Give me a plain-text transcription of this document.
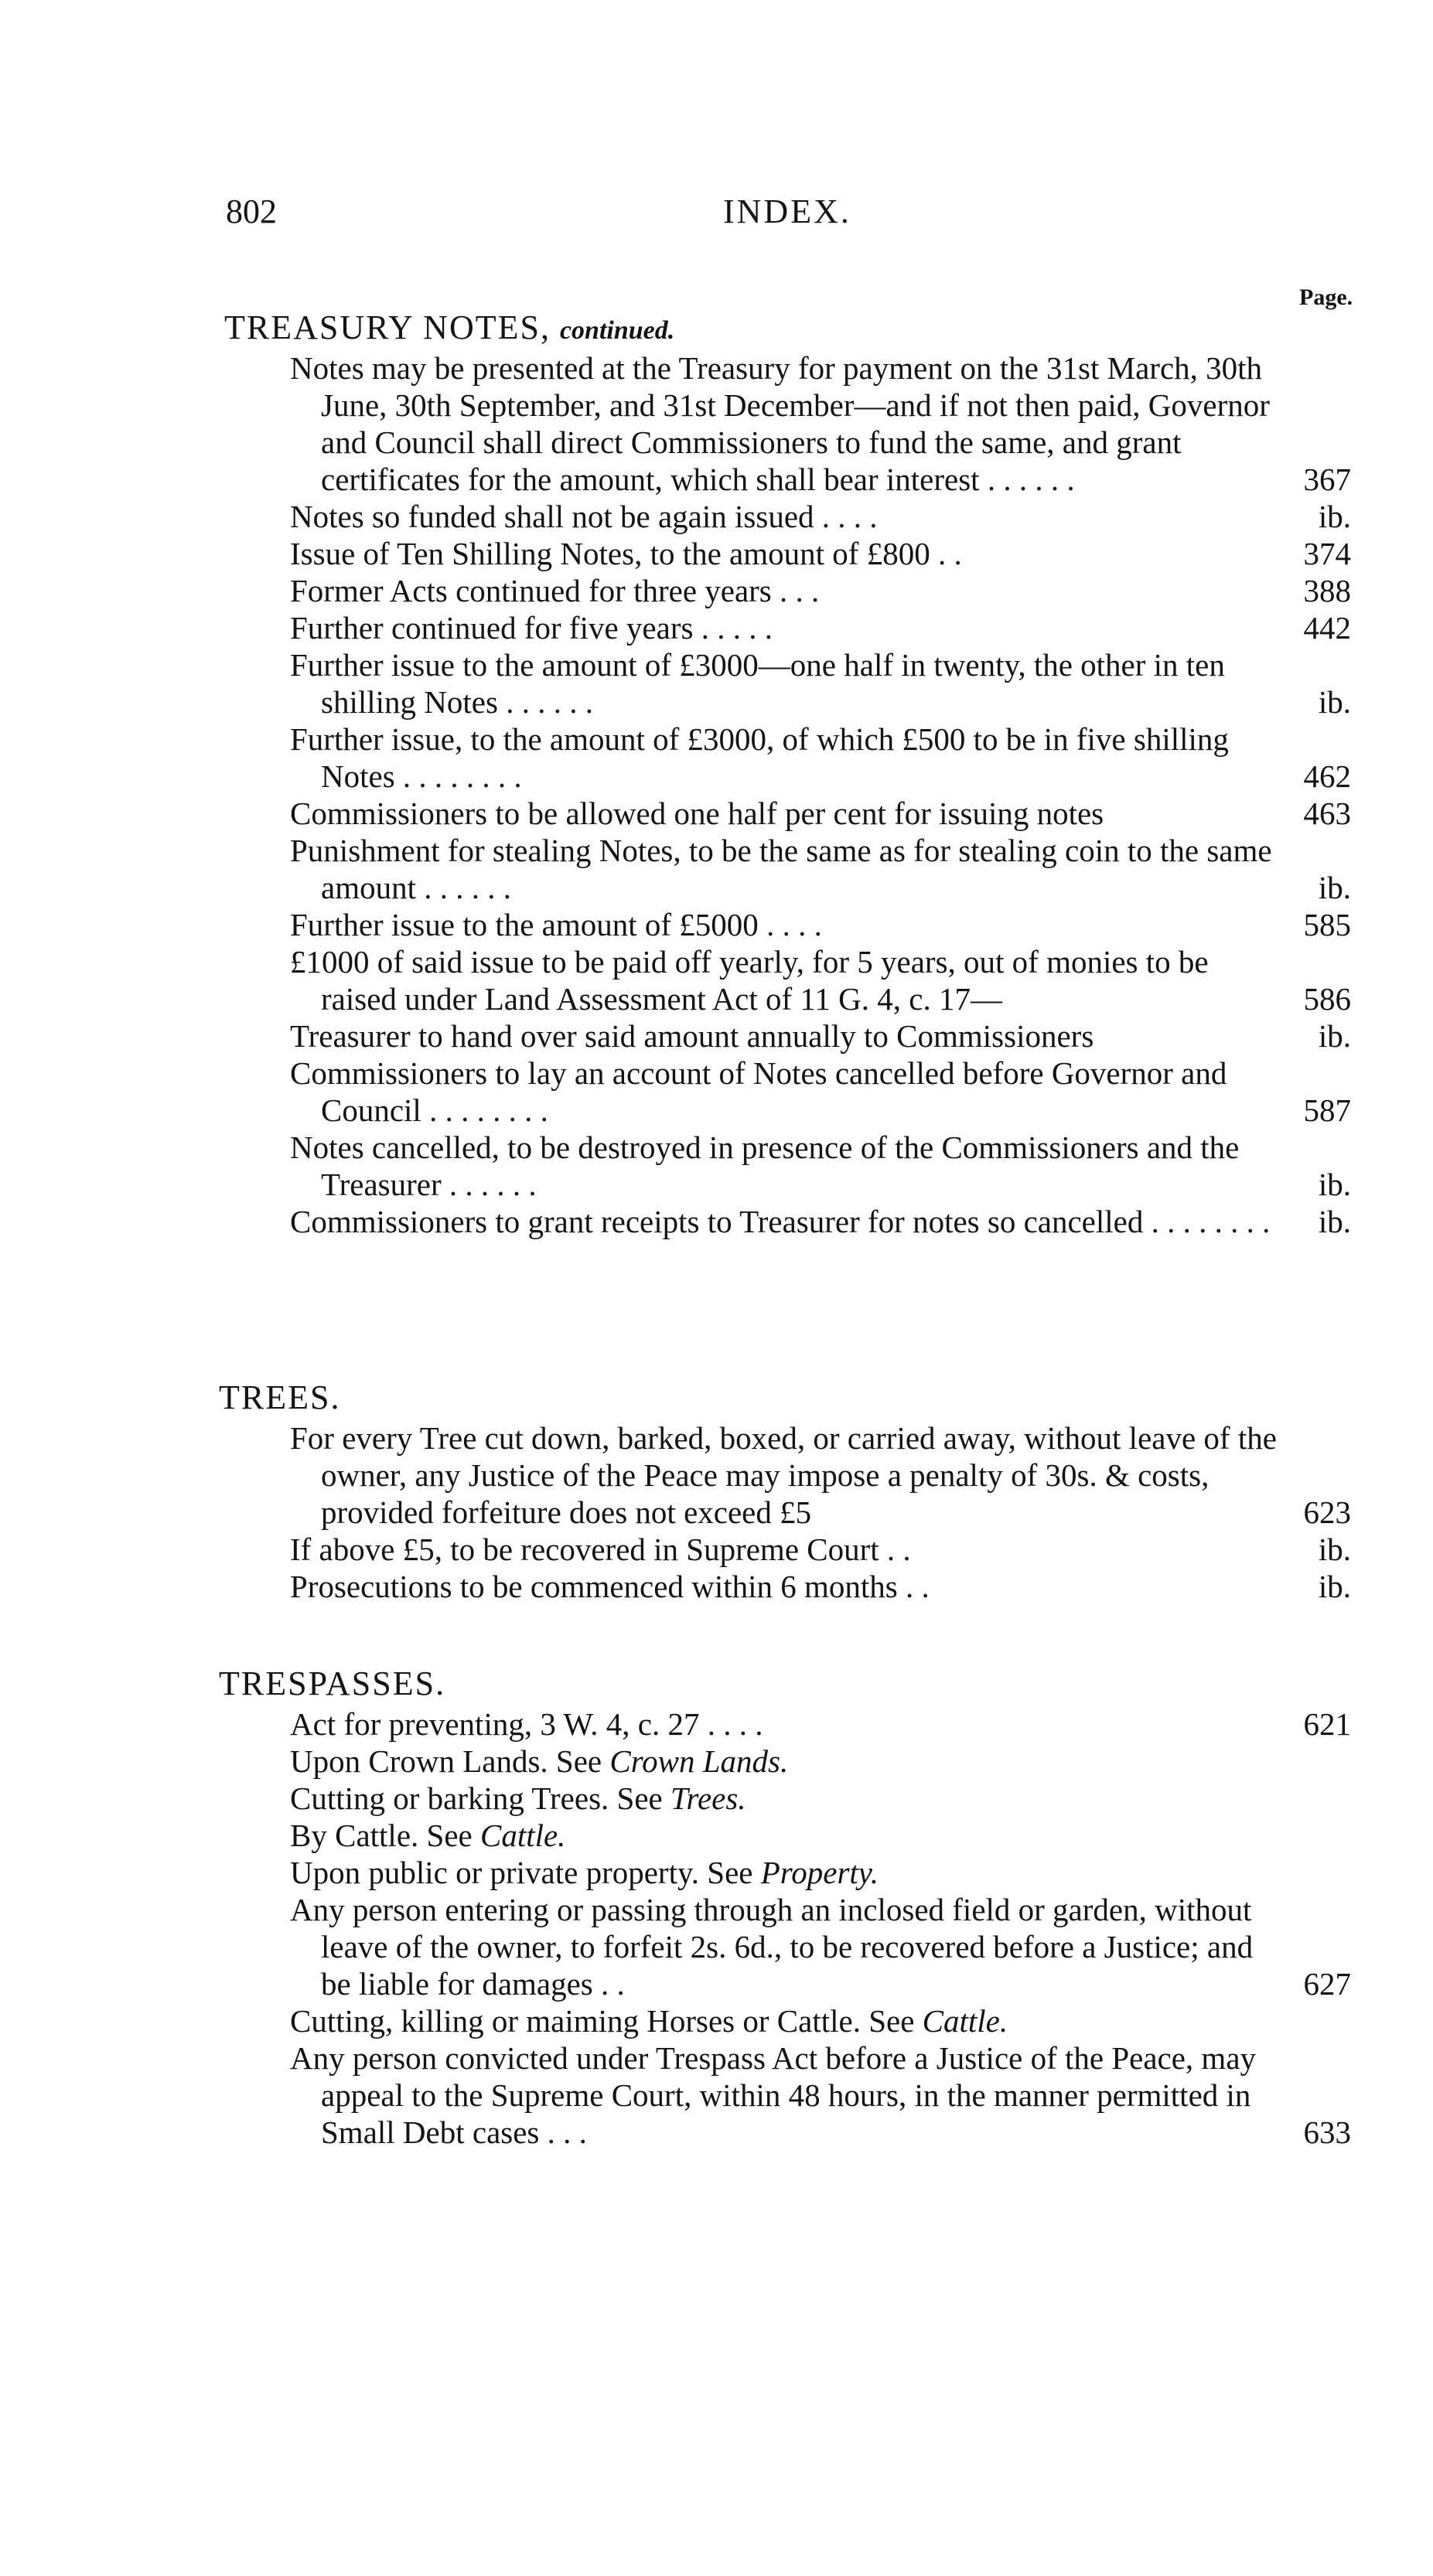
802	INDEX.
Page.
TREASURY NOTES, continued.

Notes may be presented at the Treasury for payment on the 31st March, 30th June, 30th September, and 31st December—and if not then paid, Governor and Council shall direct Commissioners to fund the same, and grant certificates for the amount, which shall bear interest . . . . . .	367

Notes so funded shall not be again issued . . . .	ib.

Issue of Ten Shilling Notes, to the amount of £800 . .	374

Former Acts continued for three years . . .	388

Further continued for five years . . . . .	442

Further issue to the amount of £3000—one half in twenty, the other in ten shilling Notes . . . . . .	ib.

Further issue, to the amount of £3000, of which £500 to be in five shilling Notes . . . . . . . .	462

Commissioners to be allowed one half per cent for issuing notes	463

Punishment for stealing Notes, to be the same as for stealing coin to the same amount . . . . . .	ib.

Further issue to the amount of £5000 . . . .	585

£1000 of said issue to be paid off yearly, for 5 years, out of monies to be raised under Land Assessment Act of 11 G. 4, c. 17—	586

Treasurer to hand over said amount annually to Commissioners	ib.

Commissioners to lay an account of Notes cancelled before Governor and Council . . . . . . . .	587

Notes cancelled, to be destroyed in presence of the Commissioners and the Treasurer . . . . . .	ib.

Commissioners to grant receipts to Treasurer for notes so cancelled . . . . . . . . ib.

TREES.

For every Tree cut down, barked, boxed, or carried away, without leave of the owner, any Justice of the Peace may impose a penalty of 30s. & costs, provided forfeiture does not exceed £5	623

If above £5, to be recovered in Supreme Court . .	ib.

Prosecutions to be commenced within 6 months . .	ib.

TRESPASSES.

Act for preventing, 3 W. 4, c. 27 . . . .	621

Upon Crown Lands. See Crown Lands.

Cutting or barking Trees. See Trees.

By Cattle. See Cattle.

Upon public or private property. See Property.

Any person entering or passing through an inclosed field or garden, without leave of the owner, to forfeit 2s. 6d., to be recovered before a Justice; and be liable for damages . .	627

Cutting, killing or maiming Horses or Cattle. See Cattle.

Any person convicted under Trespass Act before a Justice of the Peace, may appeal to the Supreme Court, within 48 hours, in the manner permitted in Small Debt cases . . .	633
